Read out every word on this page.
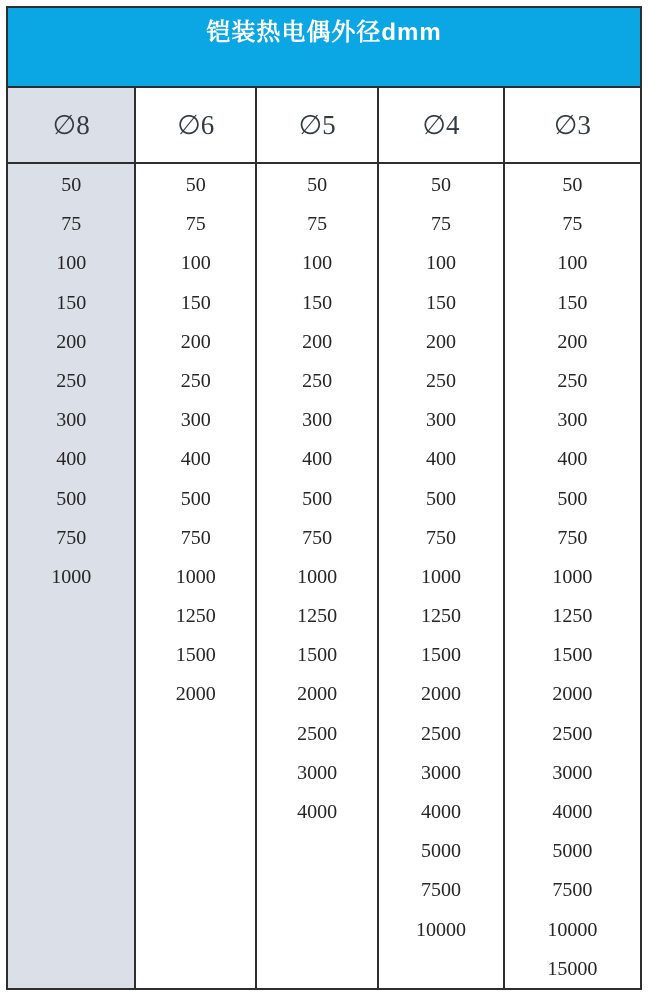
铠装热电偶外径dmm
∅8
50
75
100
150
200
250
300
400
500
750
1000
∅6
50
75
100
150
200
250
300
400
500
750
1000
1250
1500
2000
∅5
50
75
100
150
200
250
300
400
500
750
1000
1250
1500
2000
2500
3000
4000
∅4
50
75
100
150
200
250
300
400
500
750
1000
1250
1500
2000
2500
3000
4000
5000
7500
10000
∅3
50
75
100
150
200
250
300
400
500
750
1000
1250
1500
2000
2500
3000
4000
5000
7500
10000
15000
